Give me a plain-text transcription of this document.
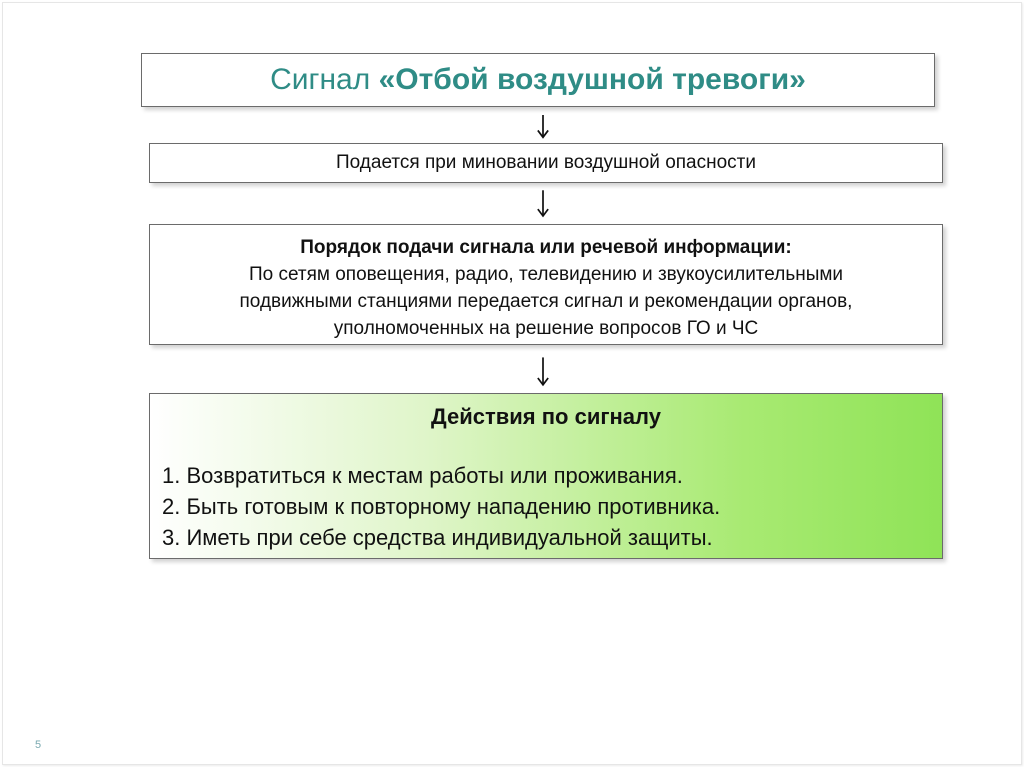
Сигнал
«Отбой воздушной тревоги»
Подается при миновании воздушной опасности
Порядок подачи сигнала или речевой информации:
По сетям оповещения, радио, телевидению и звукоусилительными
подвижными станциями передается сигнал и рекомендации органов,
уполномоченных на решение вопросов ГО и ЧС
Действия по сигналу
1. Возвратиться к местам работы или проживания.
2. Быть готовым к повторному нападению противника.
3. Иметь при себе средства индивидуальной защиты.
5
